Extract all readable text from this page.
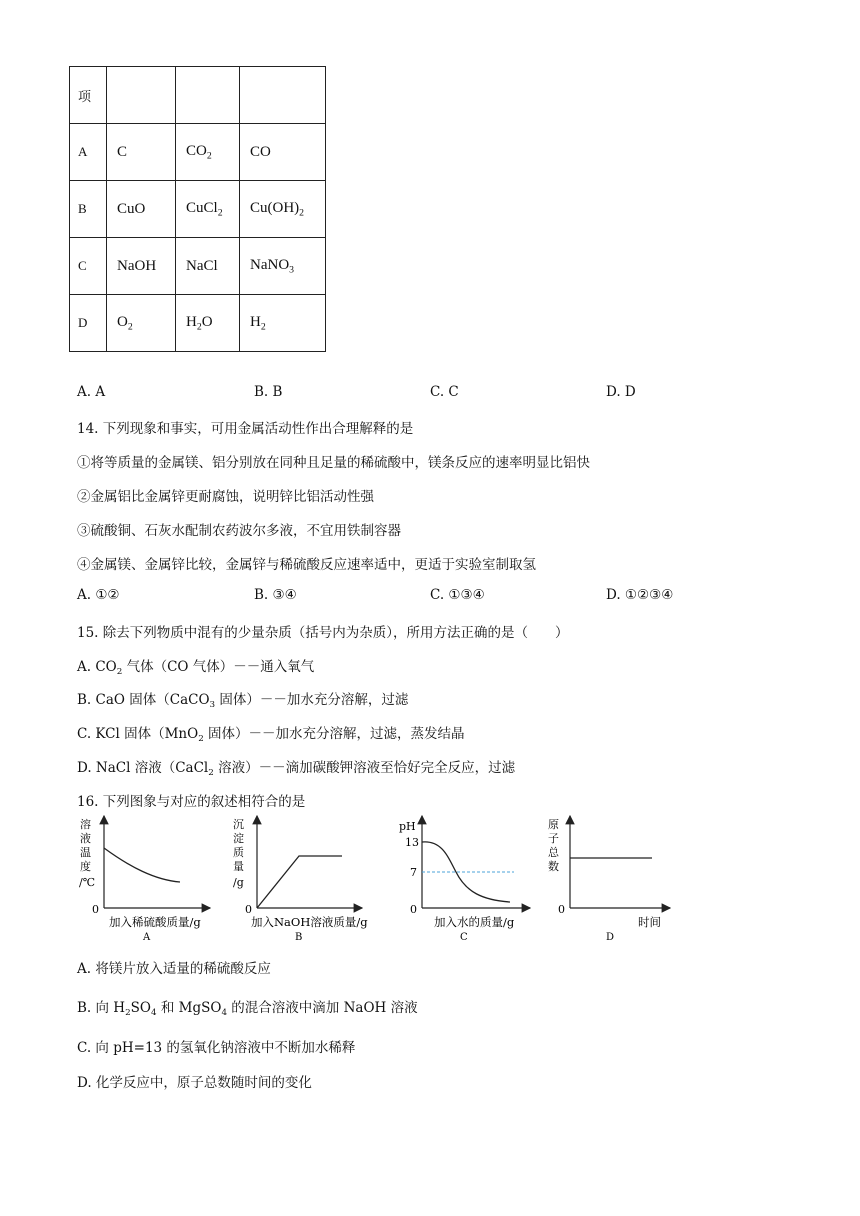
项			
A	C	$CO_2$	CO
B	CuO	CuCl$_2$	$Cu(OH)_2$
C	NaOH	NaCl	NaNO$_3$
D	$O_2$	$H_2O$	$H_2$
A. A	B. B	C. C	D. D
14. 下列现象和事实，可用金属活动性作出合理解释的是
①将等质量的金属镁、铝分别放在同种且足量的稀硫酸中，镁条反应的速率明显比铝快
②金属铝比金属锌更耐腐蚀，说明锌比铝活动性强
③硫酸铜、石灰水配制农药波尔多液，不宜用铁制容器
④金属镁、金属锌比较，金属锌与稀硫酸反应速率适中，更适于实验室制取氢
A. ①②	B. ③④	C. ①③④	D. ①②③④
15. 除去下列物质中混有的少量杂质（括号内为杂质），所用方法正确的是（　　）
A. $CO_2$ 气体（CO 气体）－－通入氧气
B. CaO 固体（CaCO$_3$ 固体）－－加水充分溶解，过滤
C. KCl 固体（MnO$_2$ 固体）－－加水充分溶解，过滤，蒸发结晶
D. NaCl 溶液（CaCl$_2$ 溶液）－－滴加碳酸钾溶液至恰好完全反应，过滤
16. 下列图象与对应的叙述相符合的是
溶
液
温
度
/℃
0
加入稀硫酸质量/g
A
沉
淀
质
量
/g
0
加入NaOH溶液质量/g
B
pH
13
7
0
加入水的质量/g
C
原
子
总
数
0
时间
D
A. 将镁片放入适量的稀硫酸反应
B. 向 $H_2SO_4$ 和 MgSO$_4$ 的混合溶液中滴加 NaOH 溶液
C. 向 pH=13 的氢氧化钠溶液中不断加水稀释
D. 化学反应中，原子总数随时间的变化
